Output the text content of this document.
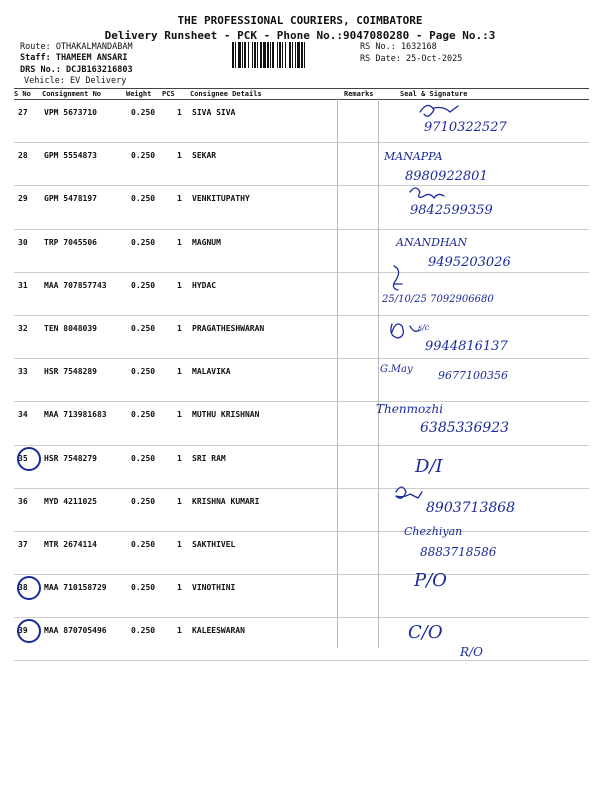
THE PROFESSIONAL COURIERS, COIMBATORE
Delivery Runsheet - PCK - Phone No.:9047080280 - Page No.:3
Route: OTHAKALMANDABAM
Staff: THAMEEM ANSARI
DRS No.: DCJB163216803
Vehicle: EV Delivery
RS No.: 1632168
RS Date: 25-Oct-2025
S No Consignment No	Weight PCS Consignee Details	Remarks	Seal & Signature
27 VPM 5673710	0.250	1 SIVA SIVA
28 GPM 5554873	0.250	1 SEKAR
29 GPM 5478197	0.250	1 VENKITUPATHY
30 TRP 7045506	0.250	1 MAGNUM
31 MAA 707857743	0.250	1 HYDAC
32 TEN 8048039	0.250	1 PRAGATHESHWARAN
33 HSR 7548289	0.250	1 MALAVIKA
34 MAA 713981683	0.250	1 MUTHU KRISHNAN
35 HSR 7548279	0.250	1 SRI RAM
36 MYD 4211025	0.250	1 KRISHNA KUMARI
37 MTR 2674114	0.250	1 SAKTHIVEL
38 MAA 710158729	0.250	1 VINOTHINI
39 MAA 870705496	0.250	1 KALEESWARAN
9710322527
MANAPPA
8980922801
9842599359
ANANDHAN
9495203026
25/10/25 7092906680
s/c
9944816137
G.May 9677100356
Thenmozhi
6385336923
D/I
8903713868
Chezhiyan
8883718586
P/O
C/O
R/O
